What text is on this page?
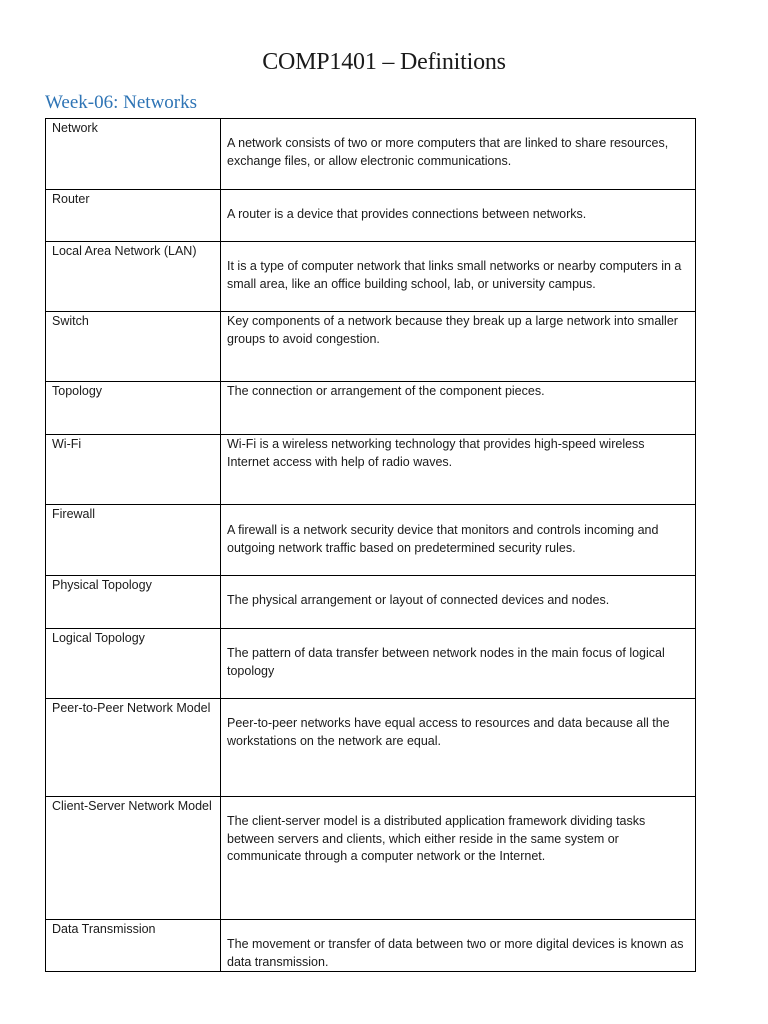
COMP1401 – Definitions
Week-06: Networks
Network	A network consists of two or more computers that are linked to share resources, exchange files, or allow electronic communications.

Router	A router is a device that provides connections between networks.

Local Area Network (LAN)	It is a type of computer network that links small networks or nearby computers in a small area, like an office building school, lab, or university campus.

Switch	Key components of a network because they break up a large network into smaller groups to avoid congestion.

Topology	The connection or arrangement of the component pieces.

Wi-Fi	Wi-Fi is a wireless networking technology that provides high-speed wireless Internet access with help of radio waves.

Firewall	A firewall is a network security device that monitors and controls incoming and outgoing network traffic based on predetermined security rules.

Physical Topology	The physical arrangement or layout of connected devices and nodes.

Logical Topology	The pattern of data transfer between network nodes in the main focus of logical topology

Peer-to-Peer Network Model	Peer-to-peer networks have equal access to resources and data because all the workstations on the network are equal.

Client-Server Network Model	The client-server model is a distributed application framework dividing tasks between servers and clients, which either reside in the same system or communicate through a computer network or the Internet.

Data Transmission	The movement or transfer of data between two or more digital devices is known as data transmission.
